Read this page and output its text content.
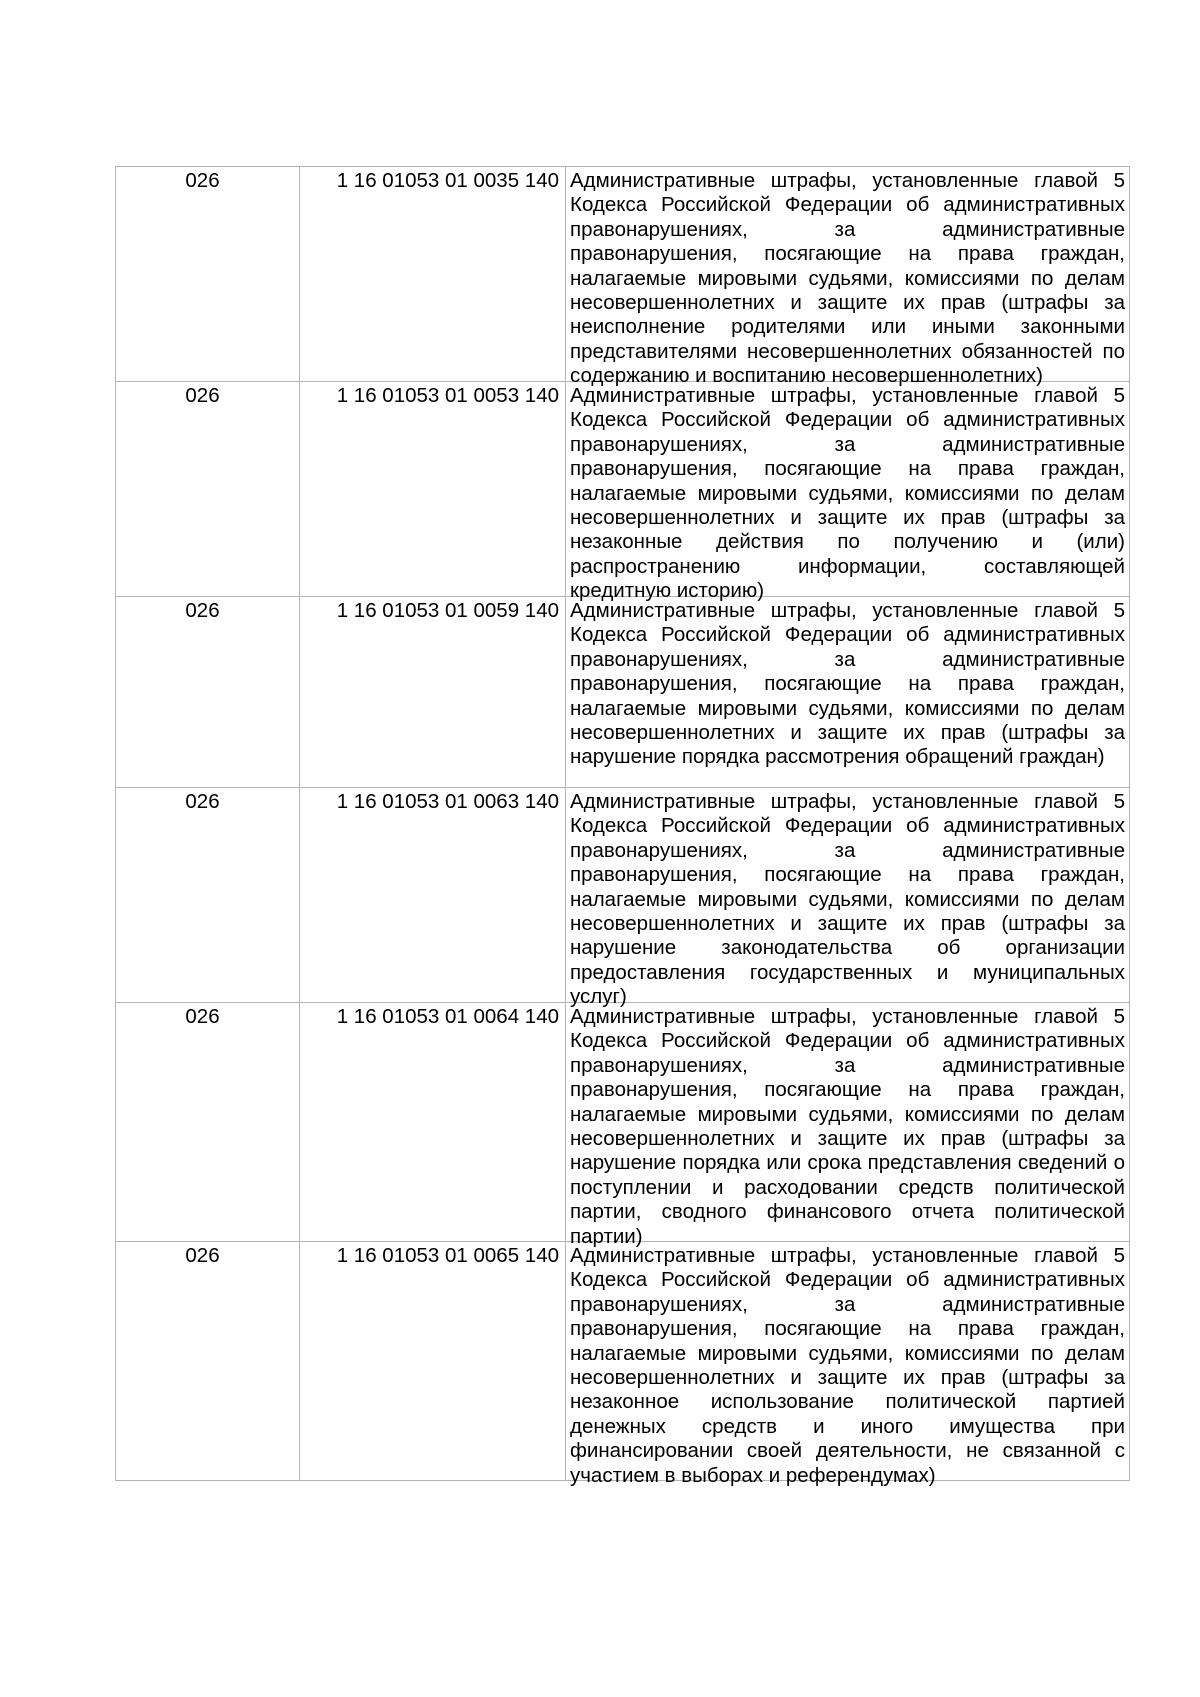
026	1 16 01053 01 0035 140	Административные штрафы, установленные главой 5 Кодекса Российской Федерации об административных правонарушениях, за административные правонарушения, посягающие на права граждан, налагаемые мировыми судьями, комиссиями по делам несовершеннолетних и защите их прав (штрафы за неисполнение родителями или иными законными представителями несовершеннолетних обязанностей по содержанию и воспитанию несовершеннолетних)

026	1 16 01053 01 0053 140	Административные штрафы, установленные главой 5 Кодекса Российской Федерации об административных правонарушениях, за административные правонарушения, посягающие на права граждан, налагаемые мировыми судьями, комиссиями по делам несовершеннолетних и защите их прав (штрафы за незаконные действия по получению и (или) распространению информации, составляющей кредитную историю)

026	1 16 01053 01 0059 140	Административные штрафы, установленные главой 5 Кодекса Российской Федерации об административных правонарушениях, за административные правонарушения, посягающие на права граждан, налагаемые мировыми судьями, комиссиями по делам несовершеннолетних и защите их прав (штрафы за нарушение порядка рассмотрения обращений граждан)

026	1 16 01053 01 0063 140	Административные штрафы, установленные главой 5 Кодекса Российской Федерации об административных правонарушениях, за административные правонарушения, посягающие на права граждан, налагаемые мировыми судьями, комиссиями по делам несовершеннолетних и защите их прав (штрафы за нарушение законодательства об организации предоставления государственных и муниципальных услуг)

026	1 16 01053 01 0064 140	Административные штрафы, установленные главой 5 Кодекса Российской Федерации об административных правонарушениях, за административные правонарушения, посягающие на права граждан, налагаемые мировыми судьями, комиссиями по делам несовершеннолетних и защите их прав (штрафы за нарушение порядка или срока представления сведений о поступлении и расходовании средств политической партии, сводного финансового отчета политической партии)

026	1 16 01053 01 0065 140	Административные штрафы, установленные главой 5 Кодекса Российской Федерации об административных правонарушениях, за административные правонарушения, посягающие на права граждан, налагаемые мировыми судьями, комиссиями по делам несовершеннолетних и защите их прав (штрафы за незаконное использование политической партией денежных средств и иного имущества при финансировании своей деятельности, не связанной с участием в выборах и референдумах)
